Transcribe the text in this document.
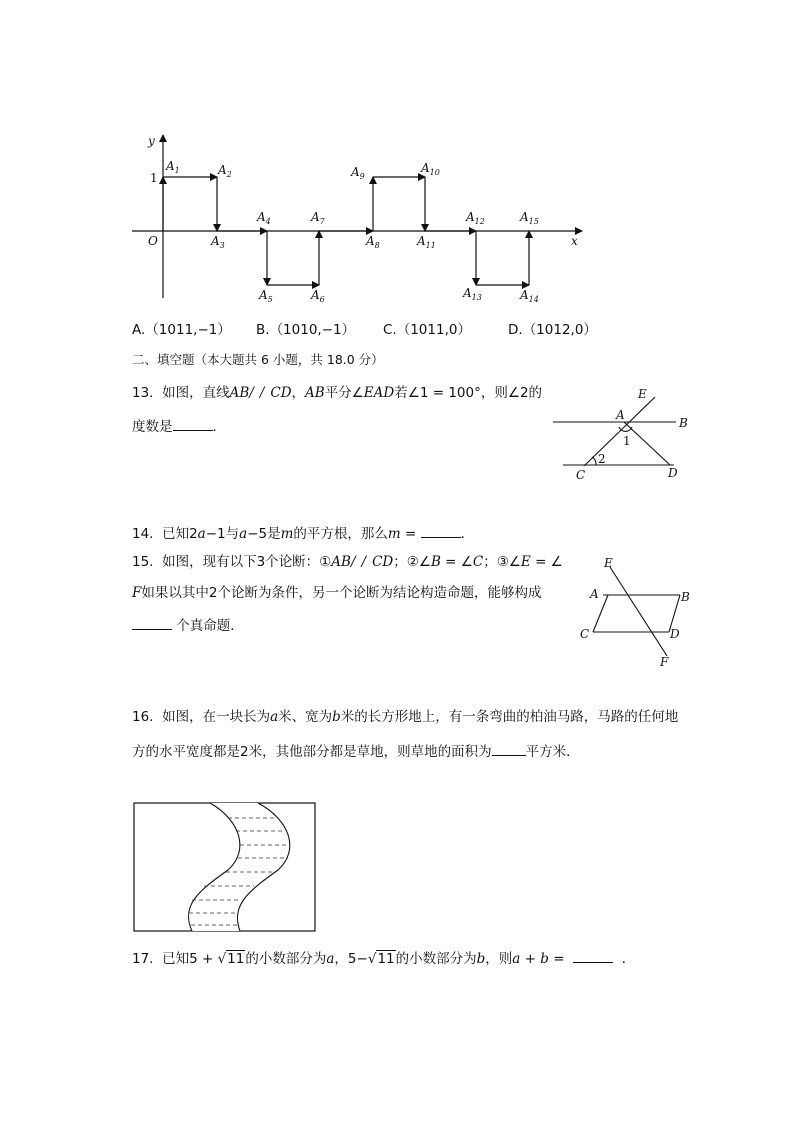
y
x
O
1
$A_1$	$A_2$
$A_3$
$A_4$
$A_5$	$A_6$
$A_7$
$A_8$
$A_9$
$A_{10}$
$A_{11}$
$A_{12}$
$A_{13}$	$A_{14}$
$A_{15}$
E
A
B
1
2
C	D
E
A	B
C	D
F
A.（1011,−1） B.（1010,−1） C.（1011,0）	D.（1012,0）
二、填空题（本大题共 6 小题，共 18.0 分）
13. 如图，直线AB//CD，AB平分∠EAD若∠1 = 100°，则∠2的
度数是	．
14. 已知2a−1与a−5是m的平方根，那么m =	．
15. 如图，现有以下3个论断：①AB//CD；②∠B = ∠C；③∠E = ∠
F如果以其中2个论断为条件，另一个论断为结论构造命题，能够构成
个真命题．
16. 如图，在一块长为a米、宽为b米的长方形地上，有一条弯曲的柏油马路，马路的任何地
方的水平宽度都是2米，其他部分都是草地，则草地的面积为	平方米．
17. 已知5 + √11的小数部分为a，5−√11的小数部分为b，则a + b =	．
